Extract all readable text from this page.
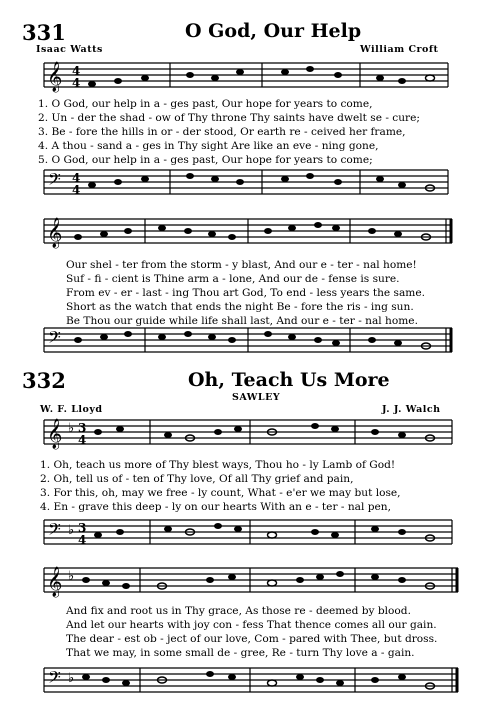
331	O God, Our Help
Isaac Watts	William Croft
𝄞 4
4
1. O God, our help in a - ges past, Our hope for years to come,
2. Un - der the shad - ow of Thy throne Thy saints have dwelt se - cure;
3. Be - fore the hills in or - der stood, Or earth re - ceived her frame,
4. A thou - sand a - ges in Thy sight Are like an eve - ning gone,
5. O God, our help in a - ges past, Our hope for years to come;
𝄢 4
4
𝄞
Our shel - ter from the storm - y blast, And our e - ter - nal home!
Suf - fi - cient is Thine arm a - lone, And our de - fense is sure.
From ev - er - last - ing Thou art God, To end - less years the same.
Short as the watch that ends the night Be - fore the ris - ing sun.
Be Thou our guide while life shall last, And our e - ter - nal home.
𝄢
332	Oh, Teach Us More
SAWLEY
W. F. Lloyd	J. J. Walch
𝄞 ♭ 3
4
1. Oh, teach us more of Thy blest ways, Thou ho - ly Lamb of God!
2. Oh, tell us of - ten of Thy love, Of all Thy grief and pain,
3. For this, oh, may we free - ly count, What - e'er we may but lose,
4. En - grave this deep - ly on our hearts With an e - ter - nal pen,
𝄢 ♭ 3
4
𝄞 ♭
And fix and root us in Thy grace, As those re - deemed by blood.
And let our hearts with joy con - fess That thence comes all our gain.
The dear - est ob - ject of our love, Com - pared with Thee, but dross.
That we may, in some small de - gree, Re - turn Thy love a - gain.
𝄢 ♭
